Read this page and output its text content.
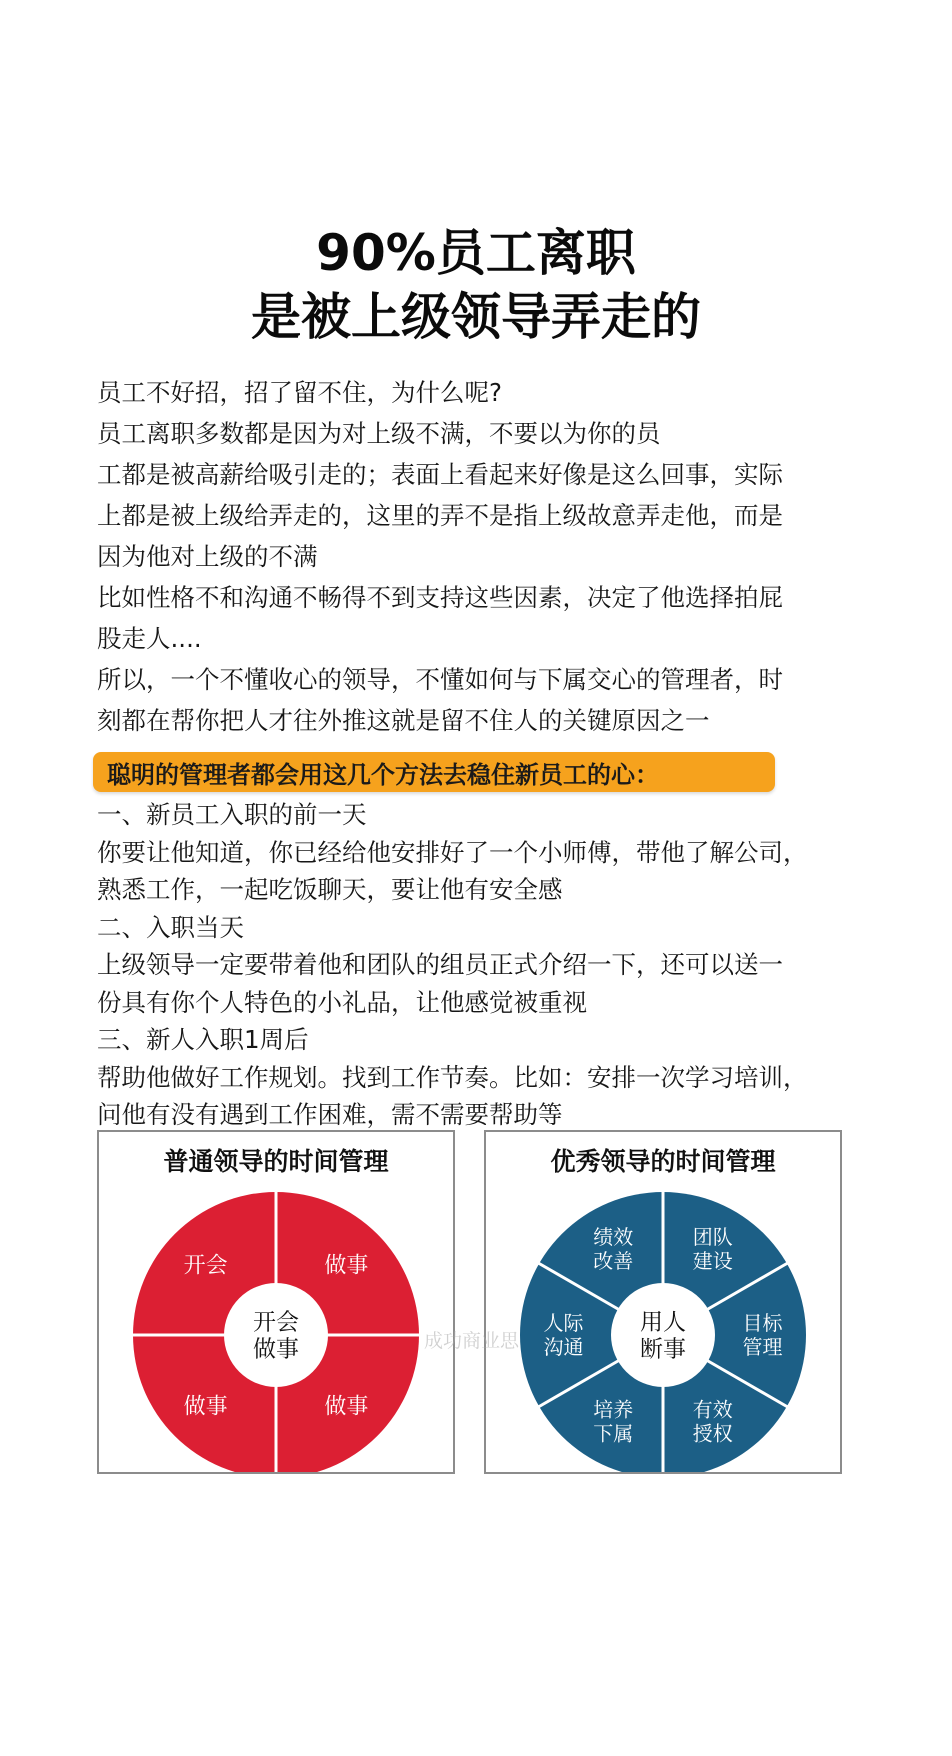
90%员工离职
是被上级领导弄走的

员工不好招，招了留不住，为什么呢?

员工离职多数都是因为对上级不满，不要以为你的员

工都是被高薪给吸引走的；表面上看起来好像是这么回事，实际

上都是被上级给弄走的，这里的弄不是指上级故意弄走他，而是

因为他对上级的不满

比如性格不和沟通不畅得不到支持这些因素，决定了他选择拍屁

股走人....

所以，一个不懂收心的领导，不懂如何与下属交心的管理者，时

刻都在帮你把人才往外推这就是留不住人的关键原因之一

聪明的管理者都会用这几个方法去稳住新员工的心：

一、新员工入职的前一天

你要让他知道，你已经给他安排好了一个小师傅，带他了解公司，

熟悉工作，一起吃饭聊天，要让他有安全感

二、入职当天

上级领导一定要带着他和团队的组员正式介绍一下，还可以送一

份具有你个人特色的小礼品，让他感觉被重视

三、新人入职1周后

帮助他做好工作规划。找到工作节奏。比如：安排一次学习培训，

问他有没有遇到工作困难，需不需要帮助等

普通领导的时间管理
开会	做事
做事
做事
开会做事
优秀领导的时间管理
团队建设
目标管理
有效授权
培养下属
人际沟通
绩效改善
用人断事
成功商业思
